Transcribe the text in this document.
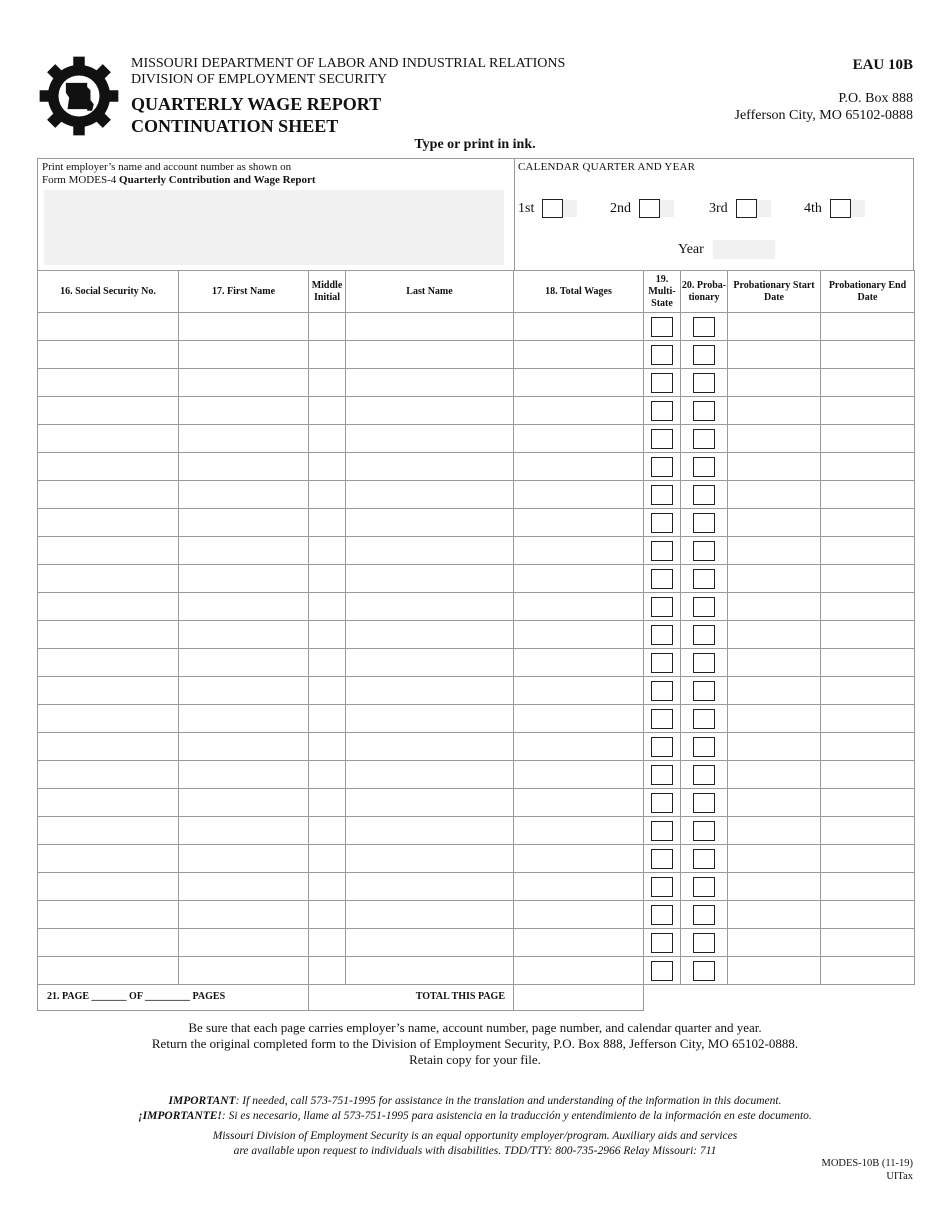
MISSOURI DEPARTMENT OF LABOR AND INDUSTRIAL RELATIONS
DIVISION OF EMPLOYMENT SECURITY
QUARTERLY WAGE REPORT
CONTINUATION SHEET
EAU 10B
P.O. Box 888
Jefferson City, MO 65102-0888
Type or print in ink.
Print employer’s name and account number as shown on
Form MODES-4 Quarterly Contribution and Wage Report
CALENDAR QUARTER AND YEAR
1st	2nd	3rd	4th
Year
16. Social Security No.	17. First Name	Middle Initial	Last Name	18. Total Wages	19. Multi-State	20. Proba-tionary	Probationary Start Date	Probationary End Date

21. PAGE _______ OF _________ PAGES	TOTAL THIS PAGE
Be sure that each page carries employer’s name, account number, page number, and calendar quarter and year.
Return the original completed form to the Division of Employment Security, P.O. Box 888, Jefferson City, MO 65102-0888.
Retain copy for your file.
IMPORTANT: If needed, call 573-751-1995 for assistance in the translation and understanding of the information in this document.
¡IMPORTANTE!: Si es necesario, llame al 573-751-1995 para asistencia en la traducción y entendimiento de la información en este documento.
Missouri Division of Employment Security is an equal opportunity employer/program. Auxiliary aids and services
are available upon request to individuals with disabilities. TDD/TTY: 800-735-2966 Relay Missouri: 711
MODES-10B (11-19)
UITax
